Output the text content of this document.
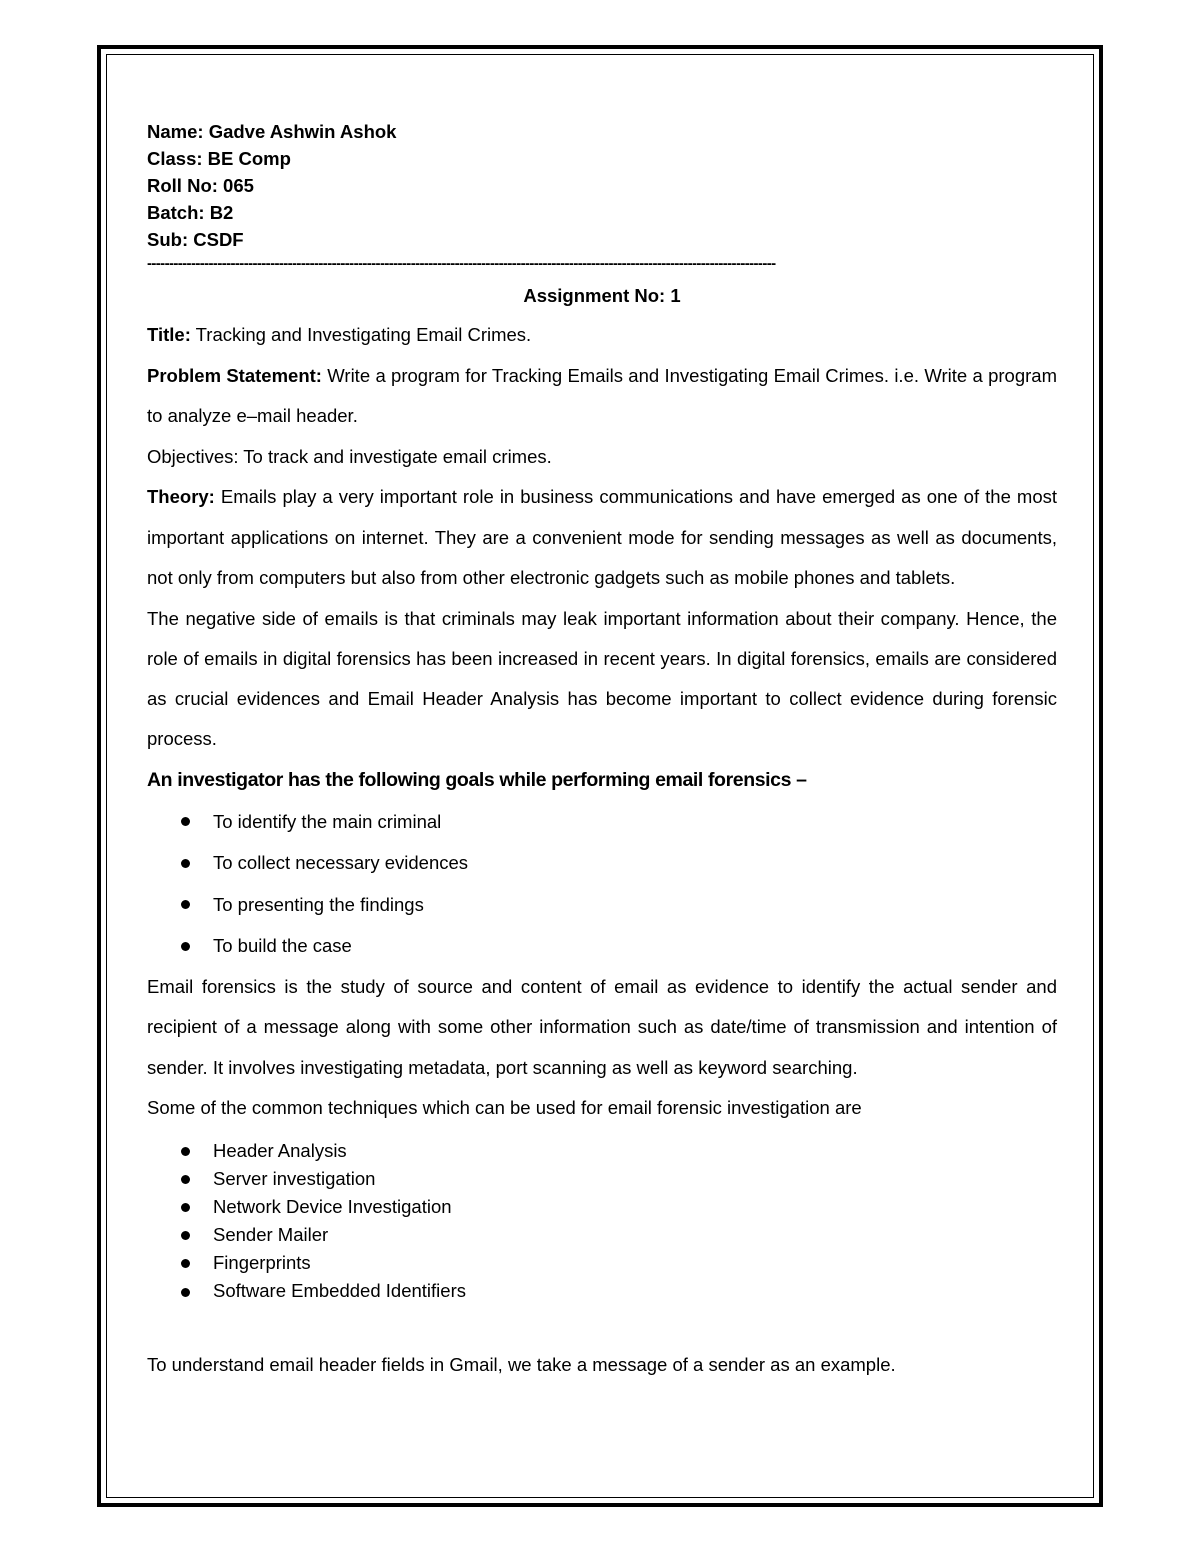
Name: Gadve Ashwin Ashok
Class: BE Comp
Roll No: 065
Batch: B2
Sub: CSDF
-----------------------------------------------------------------------------------------------------------------------------------------------
Assignment No: 1
Title: Tracking and Investigating Email Crimes.
Problem Statement: Write a program for Tracking Emails and Investigating Email Crimes. i.e. Write a program to analyze e–mail header.
Objectives: To track and investigate email crimes.
Theory: Emails play a very important role in business communications and have emerged as one of the most important applications on internet. They are a convenient mode for sending messages as well as documents, not only from computers but also from other electronic gadgets such as mobile phones and tablets.
The negative side of emails is that criminals may leak important information about their company. Hence, the role of emails in digital forensics has been increased in recent years. In digital forensics, emails are considered as crucial evidences and Email Header Analysis has become important to collect evidence during forensic process.
An investigator has the following goals while performing email forensics –
To identify the main criminal
To collect necessary evidences
To presenting the findings
To build the case
Email forensics is the study of source and content of email as evidence to identify the actual sender and recipient of a message along with some other information such as date/time of transmission and intention of sender. It involves investigating metadata, port scanning as well as keyword searching.
Some of the common techniques which can be used for email forensic investigation are
Header Analysis
Server investigation
Network Device Investigation
Sender Mailer
Fingerprints
Software Embedded Identifiers
To understand email header fields in Gmail, we take a message of a sender as an example.
